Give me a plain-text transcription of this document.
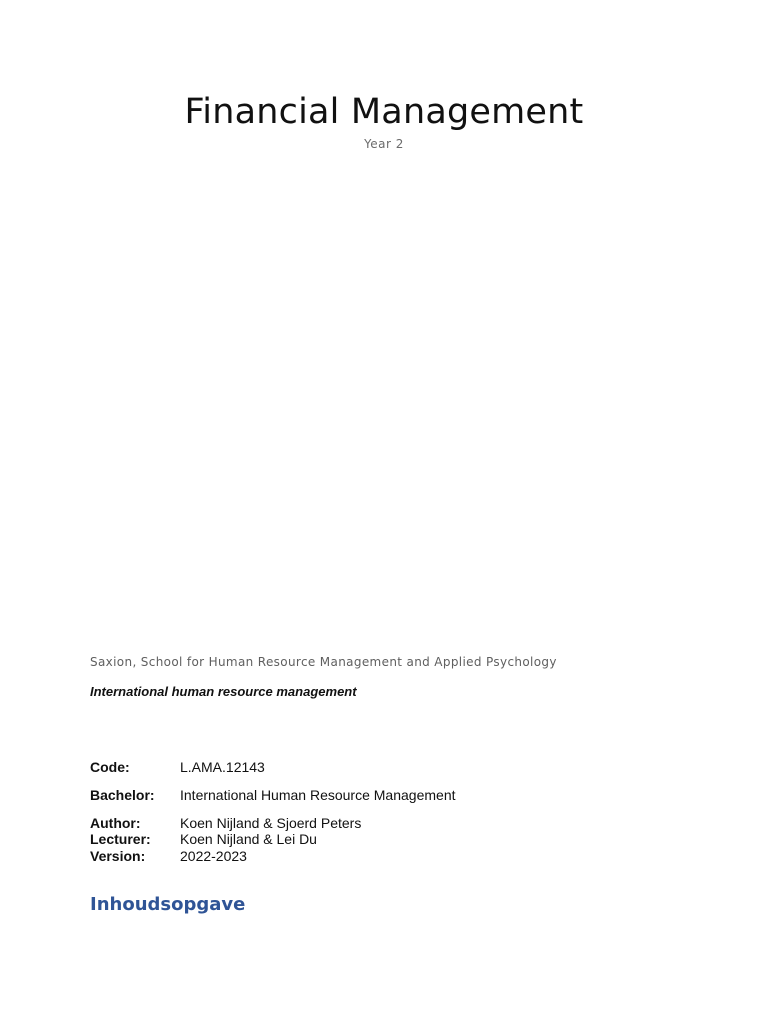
Financial Management
Year 2
Saxion, School for Human Resource Management and Applied Psychology
International human resource management
Code:	L.AMA.12143
Bachelor:	International Human Resource Management
Author:	Koen Nijland & Sjoerd Peters
Lecturer:	Koen Nijland & Lei Du
Version:	2022-2023
Inhoudsopgave
